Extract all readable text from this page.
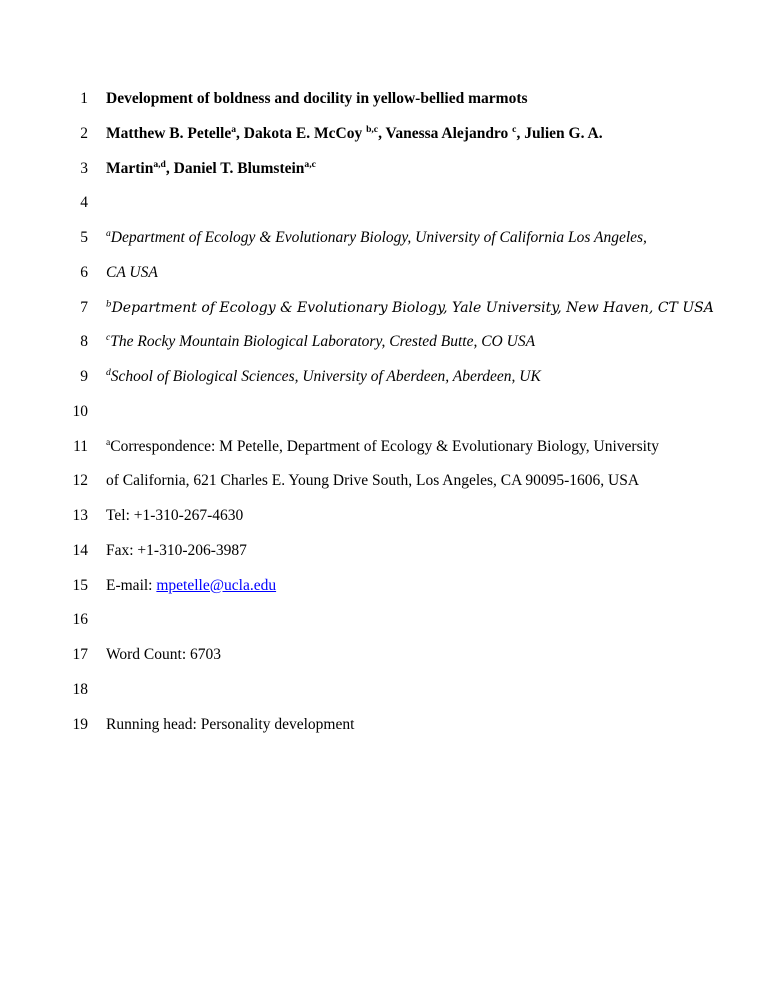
1	Development of boldness and docility in yellow-bellied marmots
2	Matthew B. Petelle$^a$, Dakota E. McCoy $^{b,c}$, Vanessa Alejandro $^c$, Julien G. A.
3	Martin$^{a,d}$, Daniel T. Blumstein$^{a,c}$
4
5	$^a$Department of Ecology & Evolutionary Biology, University of California Los Angeles,
6	CA USA
7	$^b$Department of Ecology & Evolutionary Biology, Yale University, New Haven, CT USA
8	$^c$The Rocky Mountain Biological Laboratory, Crested Butte, CO USA
9	$^d$School of Biological Sciences, University of Aberdeen, Aberdeen, UK
10
11	$^a$Correspondence: M Petelle, Department of Ecology & Evolutionary Biology, University
12	of California, 621 Charles E. Young Drive South, Los Angeles, CA 90095-1606, USA
13	Tel: +1-310-267-4630
14	Fax: +1-310-206-3987
15	E-mail: mpetelle@ucla.edu
16
17	Word Count: 6703
18
19	Running head: Personality development
